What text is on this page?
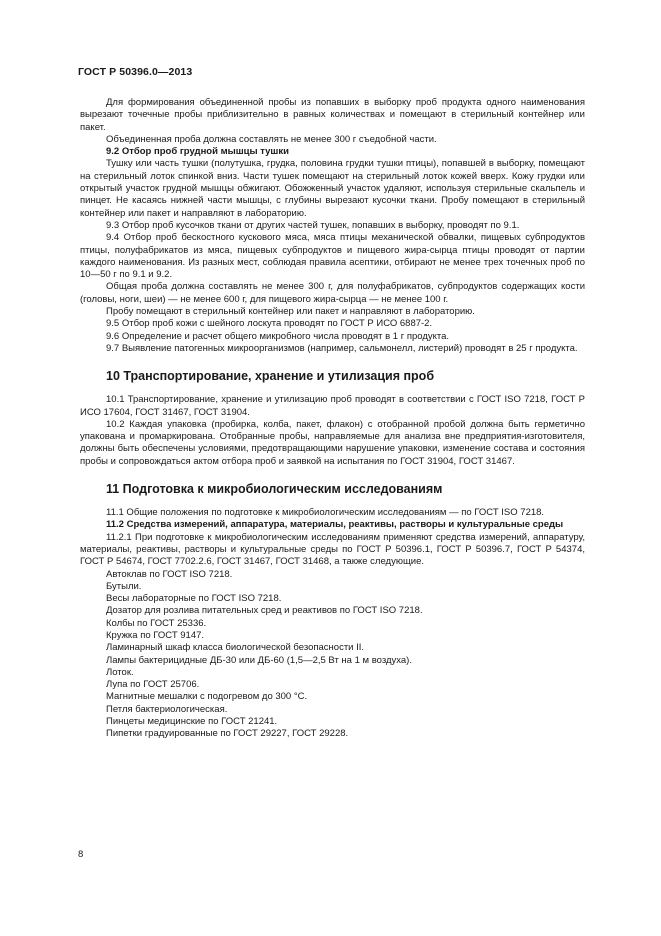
ГОСТ Р 50396.0—2013
Для формирования объединенной пробы из попавших в выборку проб продукта одного наименования вырезают точечные пробы приблизительно в равных количествах и помещают в стерильный контейнер или пакет.
Объединенная проба должна составлять не менее 300 г съедобной части.
9.2 Отбор проб грудной мышцы тушки
Тушку или часть тушки (полутушка, грудка, половина грудки тушки птицы), попавшей в выборку, помещают на стерильный лоток спинкой вниз. Части тушек помещают на стерильный лоток кожей вверх. Кожу грудки или открытый участок грудной мышцы обжигают. Обожженный участок удаляют, используя стерильные скальпель и пинцет. Не касаясь нижней части мышцы, с глубины вырезают кусочки ткани. Пробу помещают в стерильный контейнер или пакет и направляют в лабораторию.
9.3 Отбор проб кусочков ткани от других частей тушек, попавших в выборку, проводят по 9.1.
9.4 Отбор проб бескостного кускового мяса, мяса птицы механической обвалки, пищевых субпродуктов птицы, полуфабрикатов из мяса, пищевых субпродуктов и пищевого жира-сырца птицы проводят от партии каждого наименования. Из разных мест, соблюдая правила асептики, отбирают не менее трех точечных проб по 10—50 г по 9.1 и 9.2.
Общая проба должна составлять не менее 300 г, для полуфабрикатов, субпродуктов содержащих кости (головы, ноги, шеи) — не менее 600 г, для пищевого жира-сырца — не менее 100 г.
Пробу помещают в стерильный контейнер или пакет и направляют в лабораторию.
9.5 Отбор проб кожи с шейного лоскута проводят по ГОСТ Р ИСО 6887-2.
9.6 Определение и расчет общего микробного числа проводят в 1 г продукта.
9.7 Выявление патогенных микроорганизмов (например, сальмонелл, листерий) проводят в 25 г продукта.
10 Транспортирование, хранение и утилизация проб
10.1 Транспортирование, хранение и утилизацию проб проводят в соответствии с ГОСТ ISO 7218, ГОСТ Р ИСО 17604, ГОСТ 31467, ГОСТ 31904.
10.2 Каждая упаковка (пробирка, колба, пакет, флакон) с отобранной пробой должна быть герметично упакована и промаркирована. Отобранные пробы, направляемые для анализа вне предприятия-изготовителя, должны быть обеспечены условиями, предотвращающими нарушение упаковки, изменение состава и состояния пробы и сопровождаться актом отбора проб и заявкой на испытания по ГОСТ 31904, ГОСТ 31467.
11 Подготовка к микробиологическим исследованиям
11.1 Общие положения по подготовке к микробиологическим исследованиям — по ГОСТ ISO 7218.
11.2 Средства измерений, аппаратура, материалы, реактивы, растворы и культуральные среды
11.2.1 При подготовке к микробиологическим исследованиям применяют средства измерений, аппаратуру, материалы, реактивы, растворы и культуральные среды по ГОСТ Р 50396.1, ГОСТ Р 50396.7, ГОСТ Р 54374, ГОСТ Р 54674, ГОСТ 7702.2.6, ГОСТ 31467, ГОСТ 31468, а также следующие.
Автоклав по ГОСТ ISO 7218.
Бутыли.
Весы лабораторные по ГОСТ ISO 7218.
Дозатор для розлива питательных сред и реактивов по ГОСТ ISO 7218.
Колбы по ГОСТ 25336.
Кружка по ГОСТ 9147.
Ламинарный шкаф класса биологической безопасности II.
Лампы бактерицидные ДБ-30 или ДБ-60 (1,5—2,5 Вт на 1 м воздуха).
Лоток.
Лупа по ГОСТ 25706.
Магнитные мешалки с подогревом до 300 °С.
Петля бактериологическая.
Пинцеты медицинские по ГОСТ 21241.
Пипетки градуированные по ГОСТ 29227, ГОСТ 29228.
8
